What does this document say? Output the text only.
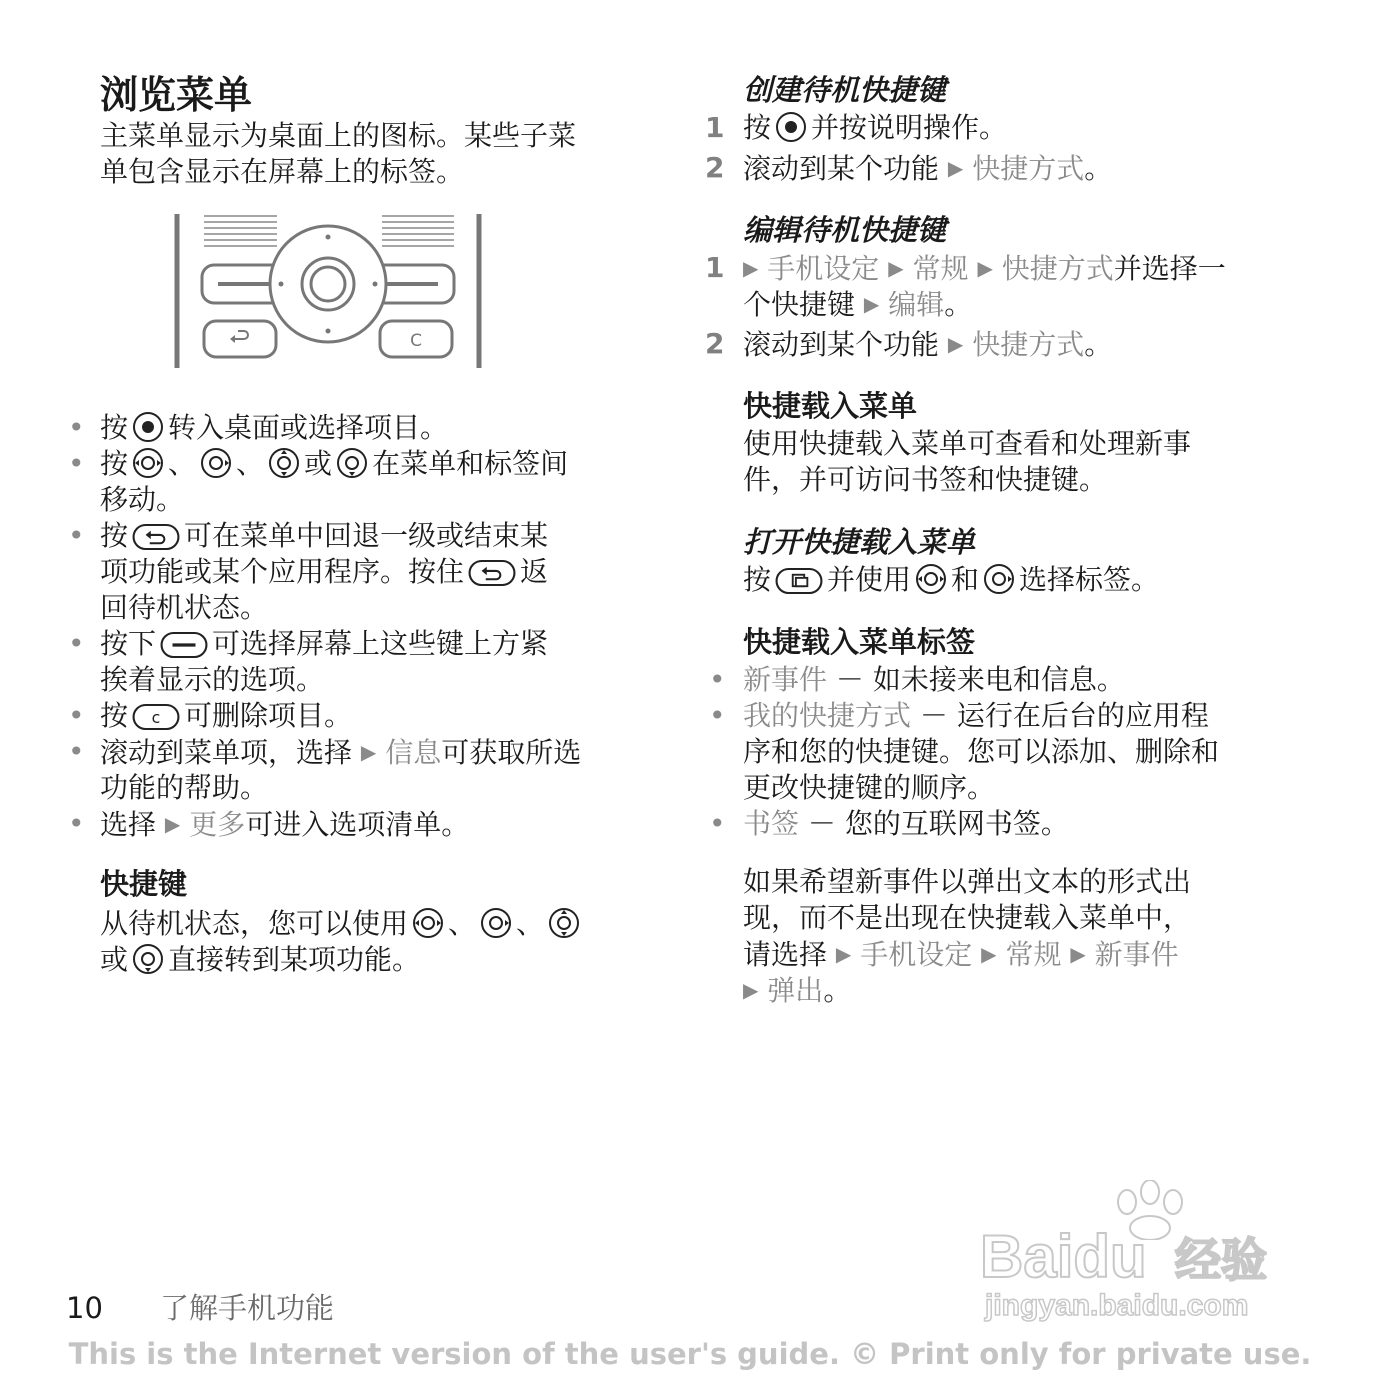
浏览菜单
主菜单显示为桌面上的图标。某些子菜
单包含显示在屏幕上的标签。
C
• 按 转入桌面或选择项目。
• 按 、 、 或 在菜单和标签间
移动。
• 按 可在菜单中回退一级或结束某
项功能或某个应用程序。按住 返
回待机状态。
• 按下 可选择屏幕上这些键上方紧
挨着显示的选项。
• 按 可删除项目。
• 滚动到菜单项，选择 ▶ 信息可获取所选
功能的帮助。
• 选择 ▶ 更多可进入选项清单。
快捷键
从待机状态，您可以使用 、 、
或 直接转到某项功能。
创建待机快捷键
1 按 并按说明操作。
2 滚动到某个功能 ▶ 快捷方式。
编辑待机快捷键
1 ▶ 手机设定 ▶ 常规 ▶ 快捷方式并选择一
个快捷键 ▶ 编辑。
2 滚动到某个功能 ▶ 快捷方式。
快捷载入菜单
使用快捷载入菜单可查看和处理新事
件，并可访问书签和快捷键。
打开快捷载入菜单
按 并使用 和 选择标签。
快捷载入菜单标签
• 新事件 － 如未接来电和信息。
• 我的快捷方式 － 运行在后台的应用程
序和您的快捷键。您可以添加、删除和
更改快捷键的顺序。
• 书签 － 您的互联网书签。
如果希望新事件以弹出文本的形式出
现，而不是出现在快捷载入菜单中，
请选择 ▶ 手机设定 ▶ 常规 ▶ 新事件
▶ 弹出。
Baidu 经验
jingyan.baidu.com
10 了解手机功能
This is the Internet version of the user's guide. © Print only for private use.
